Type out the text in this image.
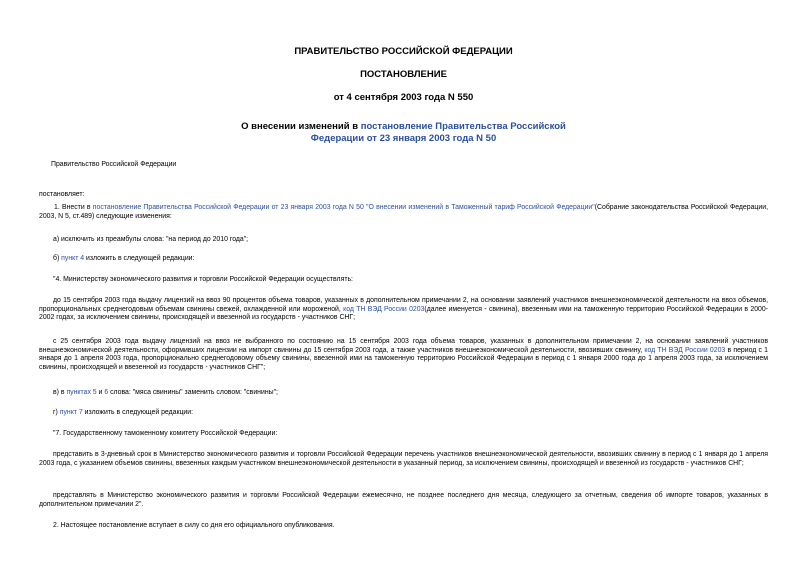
ПРАВИТЕЛЬСТВО РОССИЙСКОЙ ФЕДЕРАЦИИ
ПОСТАНОВЛЕНИЕ
от 4 сентября 2003 года N 550
О внесении изменений в постановление Правительства Российской Федерации от 23 января 2003 года N 50
Правительство Российской Федерации
постановляет:
1. Внести в постановление Правительства Российской Федерации от 23 января 2003 года N 50 "О внесении изменений в Таможенный тариф Российской Федерации"(Собрание законодательства Российской Федерации, 2003, N 5, ст.489) следующие изменения:
а) исключить из преамбулы слова: "на период до 2010 года";
б) пункт 4 изложить в следующей редакции:
"4. Министерству экономического развития и торговли Российской Федерации осуществлять:
до 15 сентября 2003 года выдачу лицензий на ввоз 90 процентов объема товаров, указанных в дополнительном примечании 2, на основании заявлений участников внешнеэкономической деятельности на ввоз объемов, пропорциональных среднегодовым объемам свинины свежей, охлажденной или мороженой, код ТН ВЭД России 0203(далее именуется - свинина), ввезенным ими на таможенную территорию Российской Федерации в 2000-2002 годах, за исключением свинины, происходящей и ввезенной из государств - участников СНГ;
с 25 сентября 2003 года выдачу лицензий на ввоз не выбранного по состоянию на 15 сентября 2003 года объема товаров, указанных в дополнительном примечании 2, на основании заявлений участников внешнеэкономической деятельности, оформивших лицензии на импорт свинины до 15 сентября 2003 года, а также участников внешнеэкономической деятельности, ввозивших свинину, код ТН ВЭД России 0203 в период с 1 января до 1 апреля 2003 года, пропорционально среднегодовому объему свинины, ввезенной ими на таможенную территорию Российской Федерации в период с 1 января 2000 года до 1 апреля 2003 года, за исключением свинины, происходящей и ввезенной из государств - участников СНГ";
в) в пунктах 5 и 6 слова: "мяса свинины" заменить словом: "свинины";
г) пункт 7 изложить в следующей редакции:
"7. Государственному таможенному комитету Российской Федерации:
представить в 3-дневный срок в Министерство экономического развития и торговли Российской Федерации перечень участников внешнеэкономической деятельности, ввозивших свинину в период с 1 января до 1 апреля 2003 года, с указанием объемов свинины, ввезенных каждым участником внешнеэкономической деятельности в указанный период, за исключением свинины, происходящей и ввезенной из государств - участников СНГ;
представлять в Министерство экономического развития и торговли Российской Федерации ежемесячно, не позднее последнего дня месяца, следующего за отчетным, сведения об импорте товаров, указанных в дополнительном примечании 2".
2. Настоящее постановление вступает в силу со дня его официального опубликования.
